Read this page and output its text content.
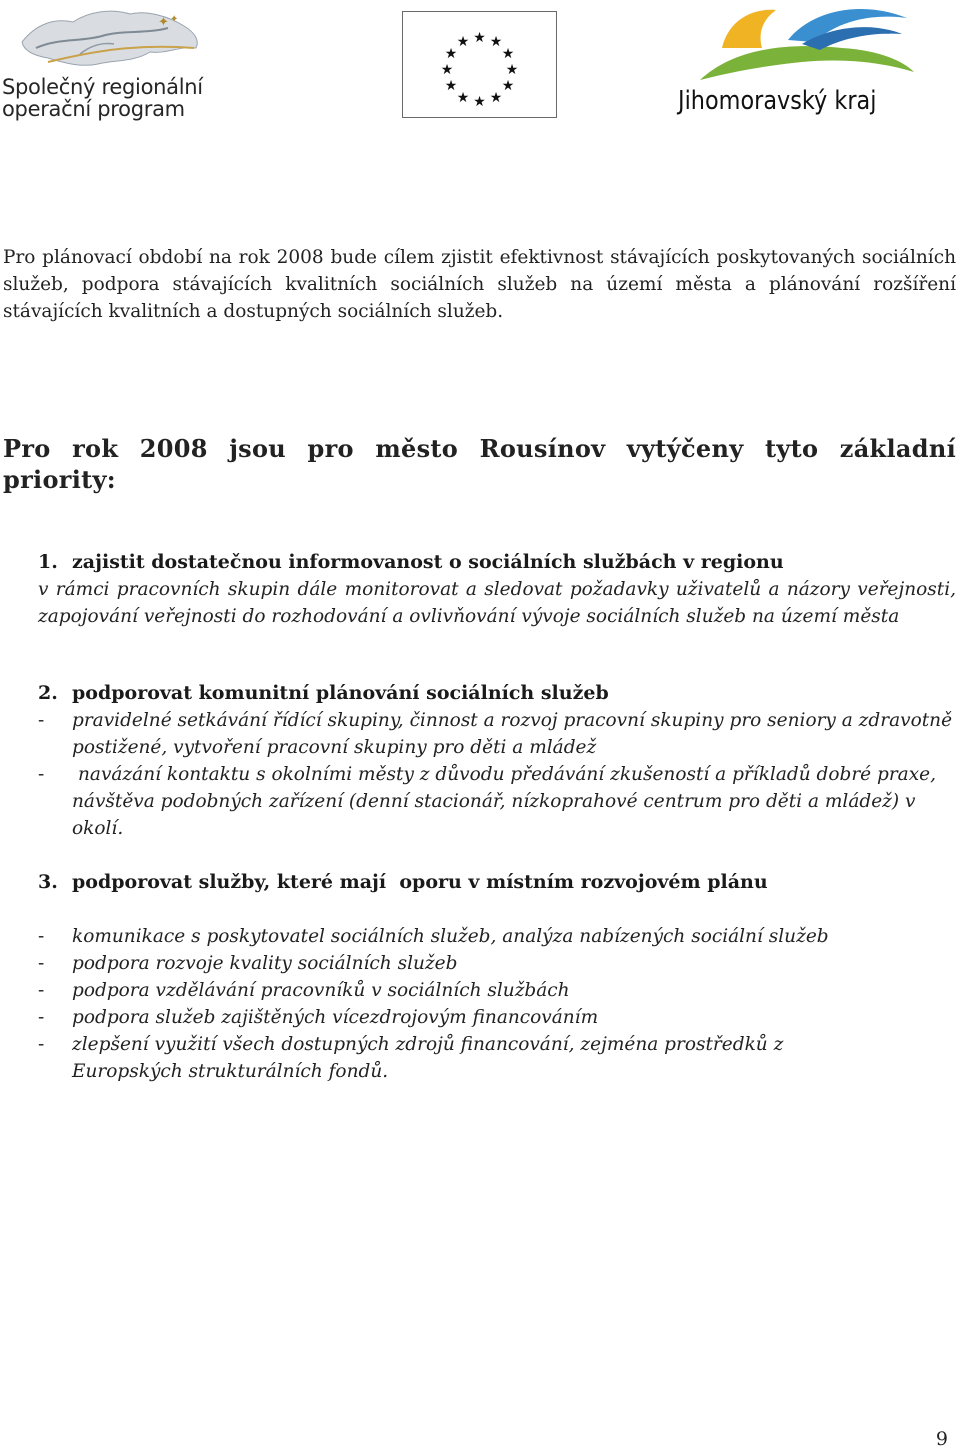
✦ ✦
Společný regionální
operační program
★ ★
★
★
★
★
★
★
★
★
★
★
Jihomoravský kraj

Pro plánovací období na rok 2008 bude cílem zjistit efektivnost stávajících poskytovaných sociálních služeb, podpora stávajících kvalitních sociálních služeb na území města a plánování rozšíření stávajících kvalitních a dostupných sociálních služeb.

Pro rok 2008 jsou pro město Rousínov vytýčeny tyto základní priority:
1. zajistit dostatečnou informovanost o sociálních službách v regionu
v rámci pracovních skupin dále monitorovat a sledovat požadavky uživatelů a názory veřejnosti, zapojování veřejnosti do rozhodování a ovlivňování vývoje sociálních služeb na území města
2. podporovat komunitní plánování sociálních služeb
- pravidelné setkávání řídící skupiny, činnost a rozvoj pracovní skupiny pro seniory a zdravotně postižené, vytvoření pracovní skupiny pro děti a mládež
- navázání kontaktu s okolními městy z důvodu předávání zkušeností a příkladů dobré praxe, návštěva podobných zařízení (denní stacionář, nízkoprahové centrum pro děti a mládež) v okolí.
3. podporovat služby, které mají  oporu v místním rozvojovém plánu
- komunikace s poskytovatel sociálních služeb, analýza nabízených sociální služeb
- podpora rozvoje kvality sociálních služeb
- podpora vzdělávání pracovníků v sociálních službách
- podpora služeb zajištěných vícezdrojovým financováním
- zlepšení využití všech dostupných zdrojů financování, zejména prostředků z Europských strukturálních fondů.
9
